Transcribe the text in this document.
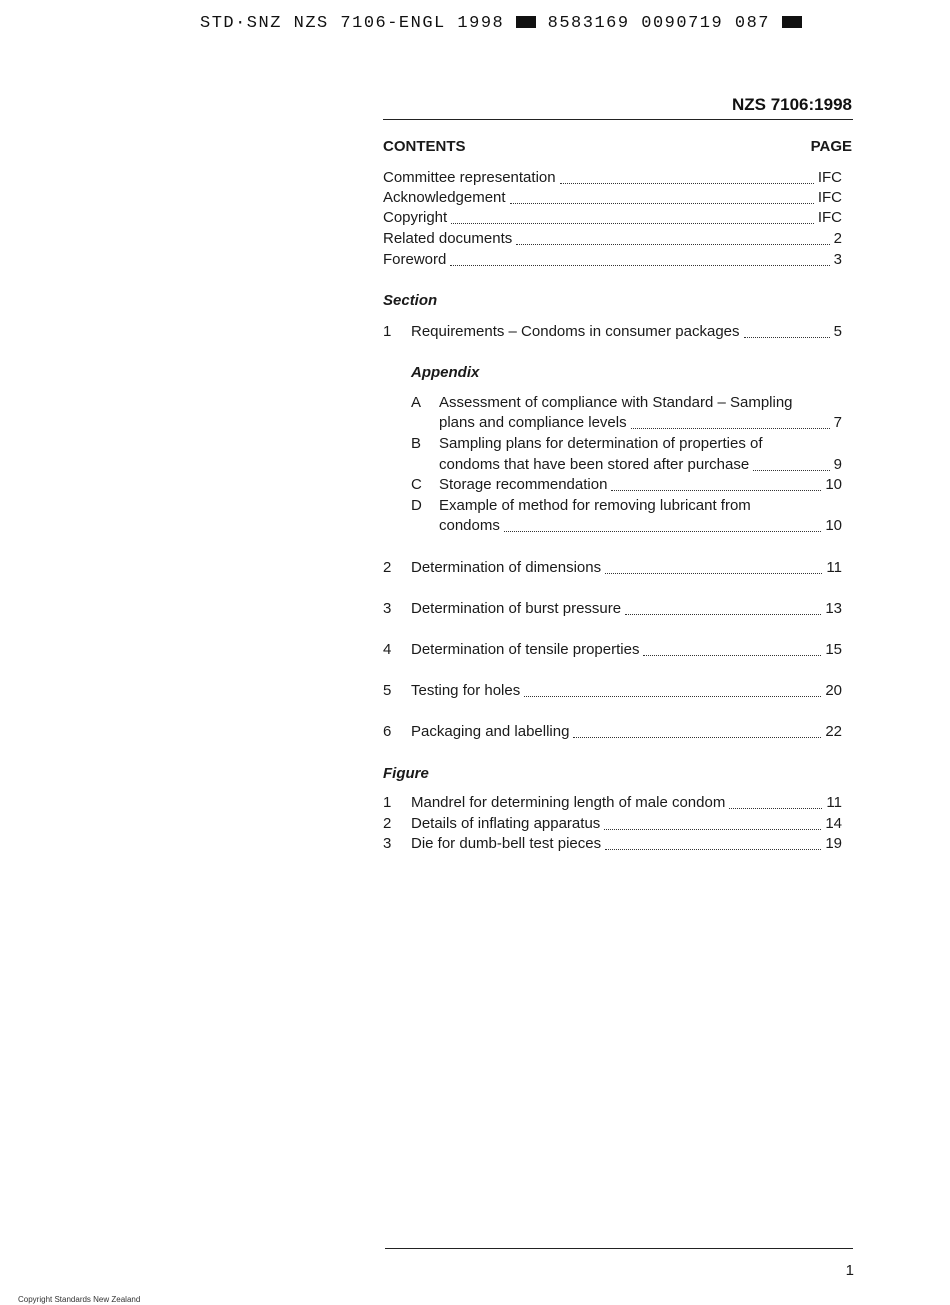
STD·SNZ NZS 7106-ENGL 1998	8583169 0090719 087
NZS 7106:1998
CONTENTS	PAGE
Committee representation	IFC
Acknowledgement	IFC
Copyright	IFC
Related documents	2
Foreword	3
Section
1 Requirements – Condoms in consumer packages	5
Appendix
A Assessment of compliance with Standard – Sampling
plans and compliance levels	7
B Sampling plans for determination of properties of
condoms that have been stored after purchase	9
C Storage recommendation	10
D Example of method for removing lubricant from
condoms	10
2 Determination of dimensions	11
3 Determination of burst pressure	13
4 Determination of tensile properties	15
5 Testing for holes	20
6 Packaging and labelling	22
Figure
1 Mandrel for determining length of male condom	11
2 Details of inflating apparatus	14
3 Die for dumb-bell test pieces	19
1
Copyright Standards New Zealand
